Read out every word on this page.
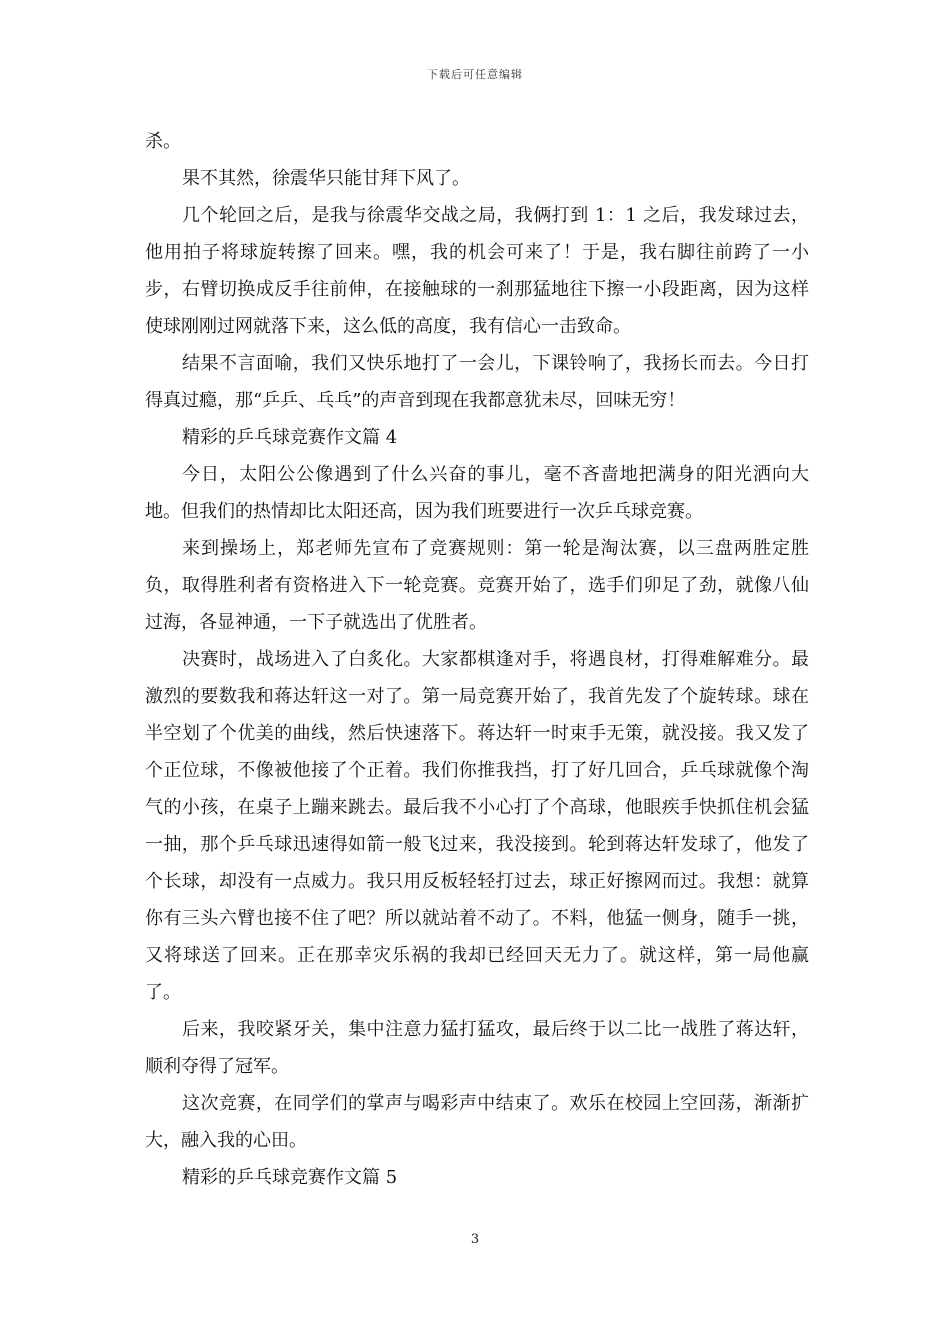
下载后可任意编辑

杀。

果不其然，徐震华只能甘拜下风了。

几个轮回之后，是我与徐震华交战之局，我俩打到 1：1 之后，我发球过去，他用拍子将球旋转擦了回来。嘿，我的机会可来了！于是，我右脚往前跨了一小步，右臂切换成反手往前伸，在接触球的一刹那猛地往下擦一小段距离，因为这样使球刚刚过网就落下来，这么低的高度，我有信心一击致命。

结果不言面喻，我们又快乐地打了一会儿，下课铃响了，我扬长而去。今日打得真过瘾，那“乒乒、乓乓”的声音到现在我都意犹未尽，回味无穷！

精彩的乒乓球竞赛作文篇 4

今日，太阳公公像遇到了什么兴奋的事儿，毫不吝啬地把满身的阳光洒向大地。但我们的热情却比太阳还高，因为我们班要进行一次乒乓球竞赛。

来到操场上，郑老师先宣布了竞赛规则：第一轮是淘汰赛，以三盘两胜定胜负，取得胜利者有资格进入下一轮竞赛。竞赛开始了，选手们卯足了劲，就像八仙过海，各显神通，一下子就选出了优胜者。

决赛时，战场进入了白炙化。大家都棋逢对手，将遇良材，打得难解难分。最激烈的要数我和蒋达轩这一对了。第一局竞赛开始了，我首先发了个旋转球。球在半空划了个优美的曲线，然后快速落下。蒋达轩一时束手无策，就没接。我又发了个正位球，不像被他接了个正着。我们你推我挡，打了好几回合，乒乓球就像个淘气的小孩，在桌子上蹦来跳去。最后我不小心打了个高球，他眼疾手快抓住机会猛一抽，那个乒乓球迅速得如箭一般飞过来，我没接到。轮到蒋达轩发球了，他发了个长球，却没有一点威力。我只用反板轻轻打过去，球正好擦网而过。我想：就算你有三头六臂也接不住了吧？所以就站着不动了。不料，他猛一侧身，随手一挑，又将球送了回来。正在那幸灾乐祸的我却已经回天无力了。就这样，第一局他赢了。

后来，我咬紧牙关，集中注意力猛打猛攻，最后终于以二比一战胜了蒋达轩，顺利夺得了冠军。

这次竞赛，在同学们的掌声与喝彩声中结束了。欢乐在校园上空回荡，渐渐扩大，融入我的心田。

精彩的乒乓球竞赛作文篇 5

3
